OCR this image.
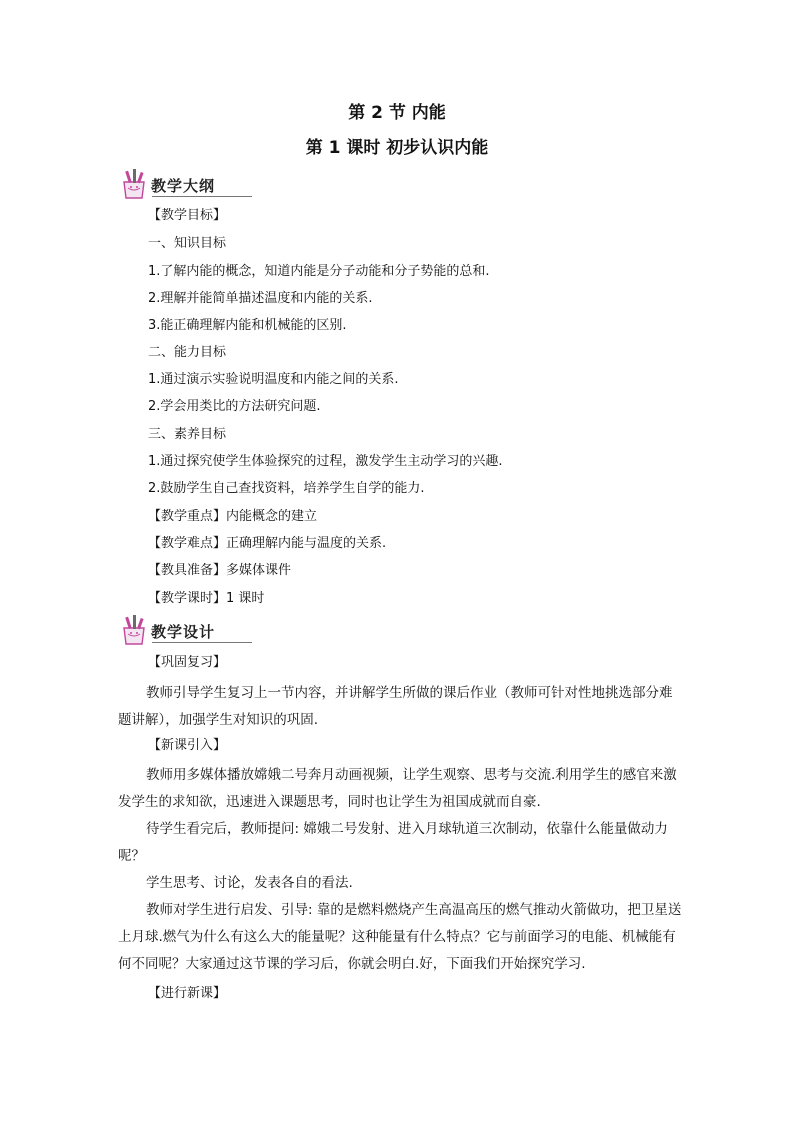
第 2 节 内能
第 1 课时 初步认识内能
教学大纲
【教学目标】
一、知识目标
1.了解内能的概念，知道内能是分子动能和分子势能的总和.
2.理解并能简单描述温度和内能的关系.
3.能正确理解内能和机械能的区别.
二、能力目标
1.通过演示实验说明温度和内能之间的关系.
2.学会用类比的方法研究问题.
三、素养目标
1.通过探究使学生体验探究的过程，激发学生主动学习的兴趣.
2.鼓励学生自己查找资料，培养学生自学的能力.
【教学重点】内能概念的建立
【教学难点】正确理解内能与温度的关系.
【教具准备】多媒体课件
【教学课时】1 课时
教学设计
【巩固复习】
教师引导学生复习上一节内容，并讲解学生所做的课后作业（教师可针对性地挑选部分难题讲解），加强学生对知识的巩固.
【新课引入】
教师用多媒体播放嫦娥二号奔月动画视频，让学生观察、思考与交流.利用学生的感官来激发学生的求知欲，迅速进入课题思考，同时也让学生为祖国成就而自豪.
待学生看完后，教师提问: 嫦娥二号发射、进入月球轨道三次制动，依靠什么能量做动力呢？
学生思考、讨论，发表各自的看法.
教师对学生进行启发、引导: 靠的是燃料燃烧产生高温高压的燃气推动火箭做功，把卫星送上月球.燃气为什么有这么大的能量呢？这种能量有什么特点？它与前面学习的电能、机械能有何不同呢？大家通过这节课的学习后，你就会明白.好，下面我们开始探究学习.
【进行新课】
